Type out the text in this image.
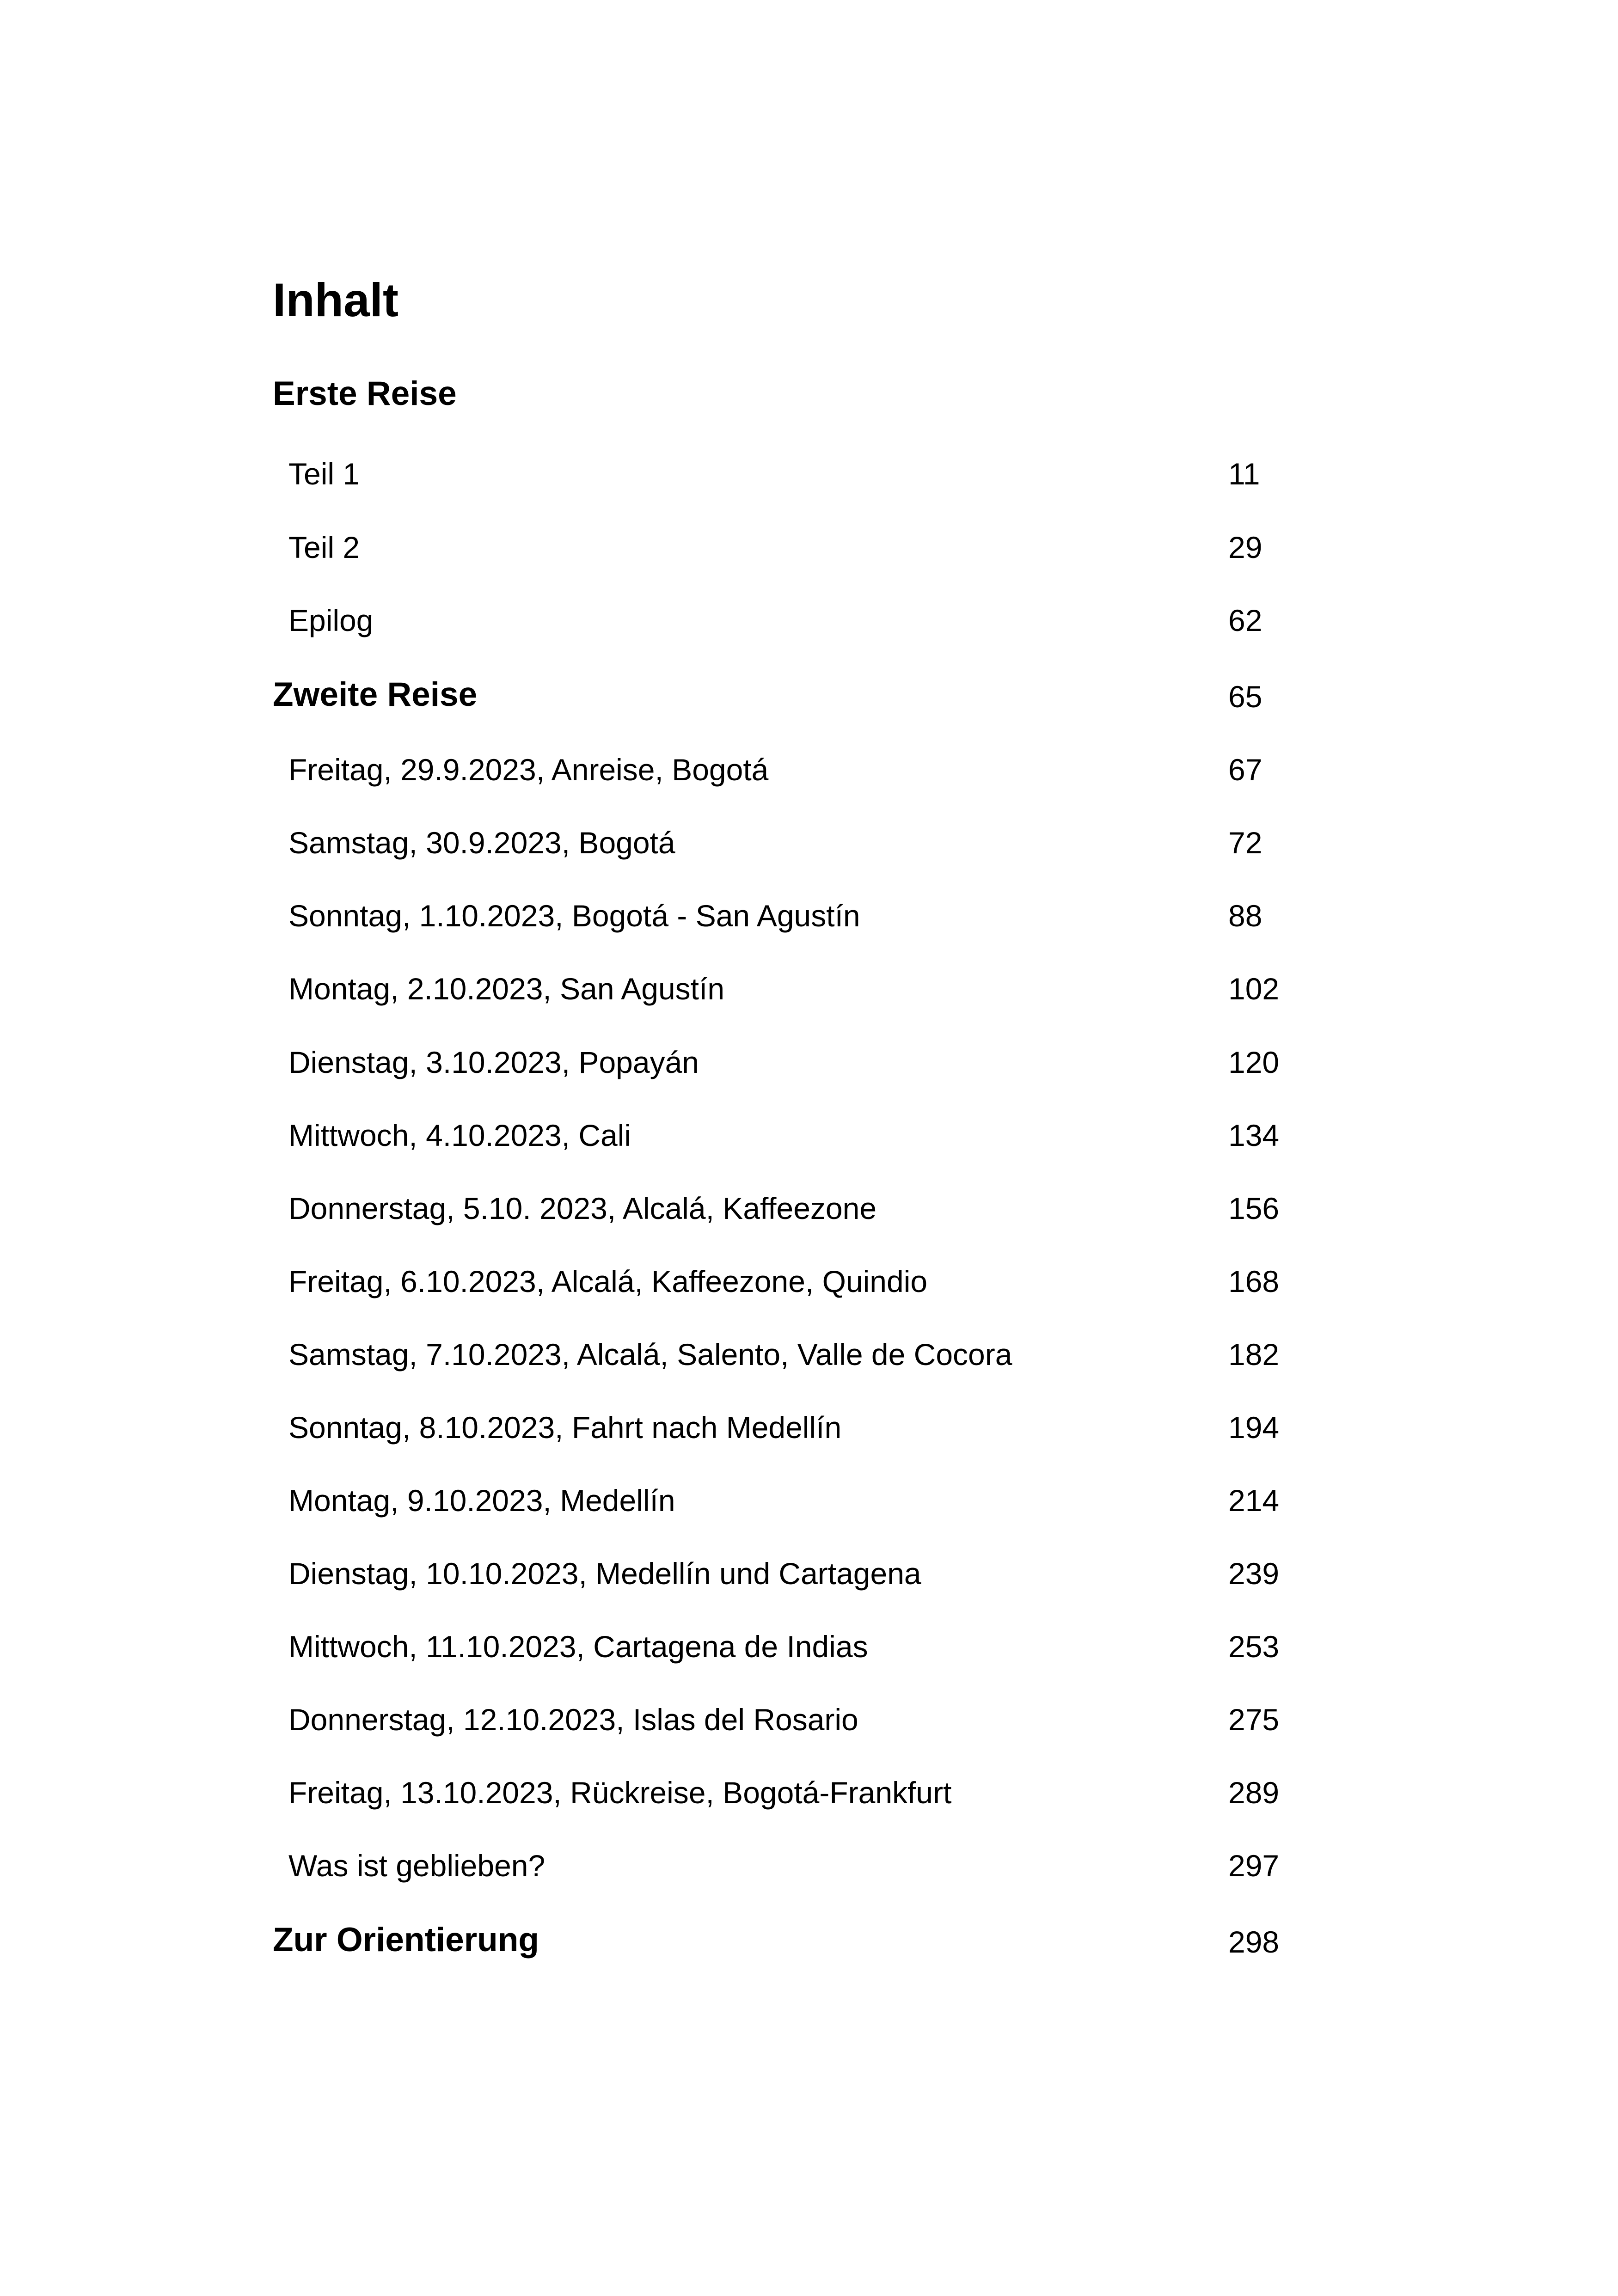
Inhalt
Erste Reise
Teil 1	11
Teil 2	29
Epilog	62
Zweite Reise	65
Freitag, 29.9.2023, Anreise, Bogotá	67
Samstag, 30.9.2023, Bogotá	72
Sonntag, 1.10.2023, Bogotá - San Agustín	88
Montag, 2.10.2023, San Agustín	102
Dienstag, 3.10.2023, Popayán	120
Mittwoch, 4.10.2023, Cali	134
Donnerstag, 5.10. 2023, Alcalá, Kaffeezone	156
Freitag, 6.10.2023, Alcalá, Kaffeezone, Quindio	168
Samstag, 7.10.2023, Alcalá, Salento, Valle de Cocora	182
Sonntag, 8.10.2023, Fahrt nach Medellín	194
Montag, 9.10.2023, Medellín	214
Dienstag, 10.10.2023, Medellín und Cartagena	239
Mittwoch, 11.10.2023, Cartagena de Indias	253
Donnerstag, 12.10.2023, Islas del Rosario	275
Freitag, 13.10.2023, Rückreise, Bogotá-Frankfurt	289
Was ist geblieben?	297
Zur Orientierung	298
